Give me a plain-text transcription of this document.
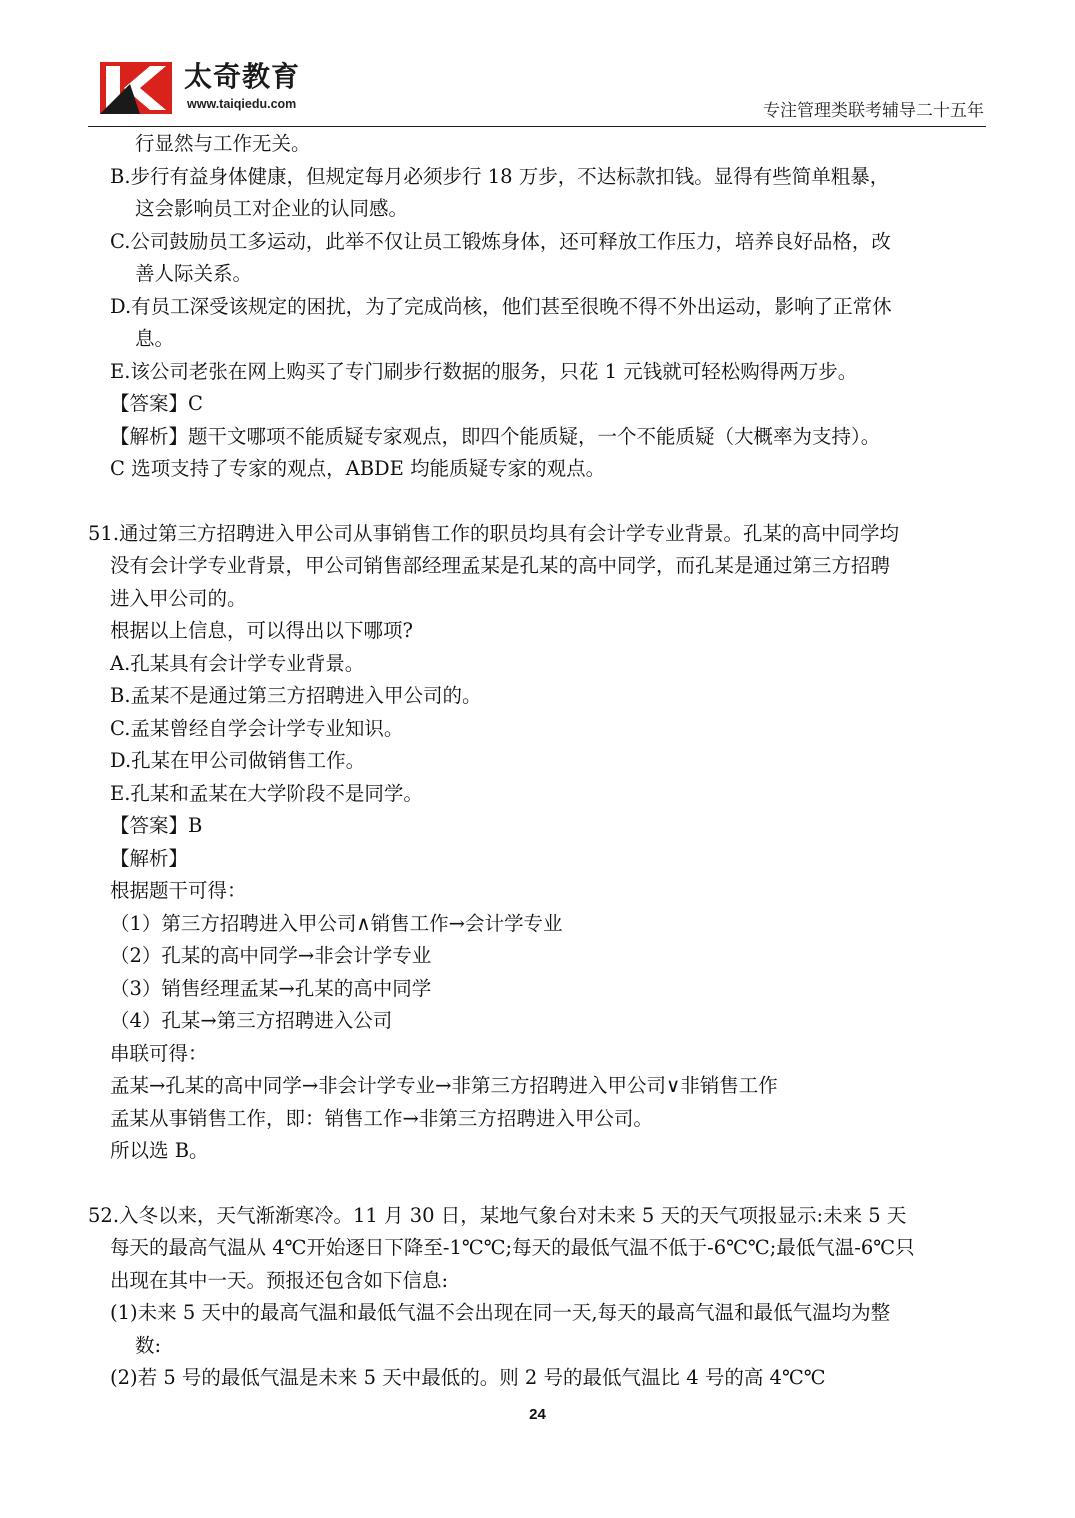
太奇教育
www.taiqiedu.com	专注管理类联考辅导二十五年
行显然与工作无关。
B.步行有益身体健康，但规定每月必须步行 18 万步，不达标款扣钱。显得有些简单粗暴，
这会影响员工对企业的认同感。
C.公司鼓励员工多运动，此举不仅让员工锻炼身体，还可释放工作压力，培养良好品格，改
善人际关系。
D.有员工深受该规定的困扰，为了完成尚核，他们甚至很晚不得不外出运动，影响了正常休
息。
E.该公司老张在网上购买了专门刷步行数据的服务，只花 1 元钱就可轻松购得两万步。
【答案】C
【解析】题干文哪项不能质疑专家观点，即四个能质疑，一个不能质疑（大概率为支持）。
C 选项支持了专家的观点，ABDE 均能质疑专家的观点。
51.通过第三方招聘进入甲公司从事销售工作的职员均具有会计学专业背景。孔某的高中同学均
没有会计学专业背景，甲公司销售部经理孟某是孔某的高中同学，而孔某是通过第三方招聘
进入甲公司的。
根据以上信息，可以得出以下哪项?
A.孔某具有会计学专业背景。
B.孟某不是通过第三方招聘进入甲公司的。
C.孟某曾经自学会计学专业知识。
D.孔某在甲公司做销售工作。
E.孔某和孟某在大学阶段不是同学。
【答案】B
【解析】
根据题干可得：
（1）第三方招聘进入甲公司∧销售工作→会计学专业
（2）孔某的高中同学→非会计学专业
（3）销售经理孟某→孔某的高中同学
（4）孔某→第三方招聘进入公司
串联可得：
孟某→孔某的高中同学→非会计学专业→非第三方招聘进入甲公司∨非销售工作
孟某从事销售工作，即：销售工作→非第三方招聘进入甲公司。
所以选 B。
52.入冬以来，天气渐渐寒冷。11 月 30 日，某地气象台对未来 5 天的天气项报显示:未来 5 天
每天的最高气温从 4℃开始逐日下降至-1℃℃;每天的最低气温不低于-6℃℃;最低气温-6℃只
出现在其中一天。预报还包含如下信息:
(1)未来 5 天中的最高气温和最低气温不会出现在同一天,每天的最高气温和最低气温均为整
数:
(2)若 5 号的最低气温是未来 5 天中最低的。则 2 号的最低气温比 4 号的高 4℃℃
24
